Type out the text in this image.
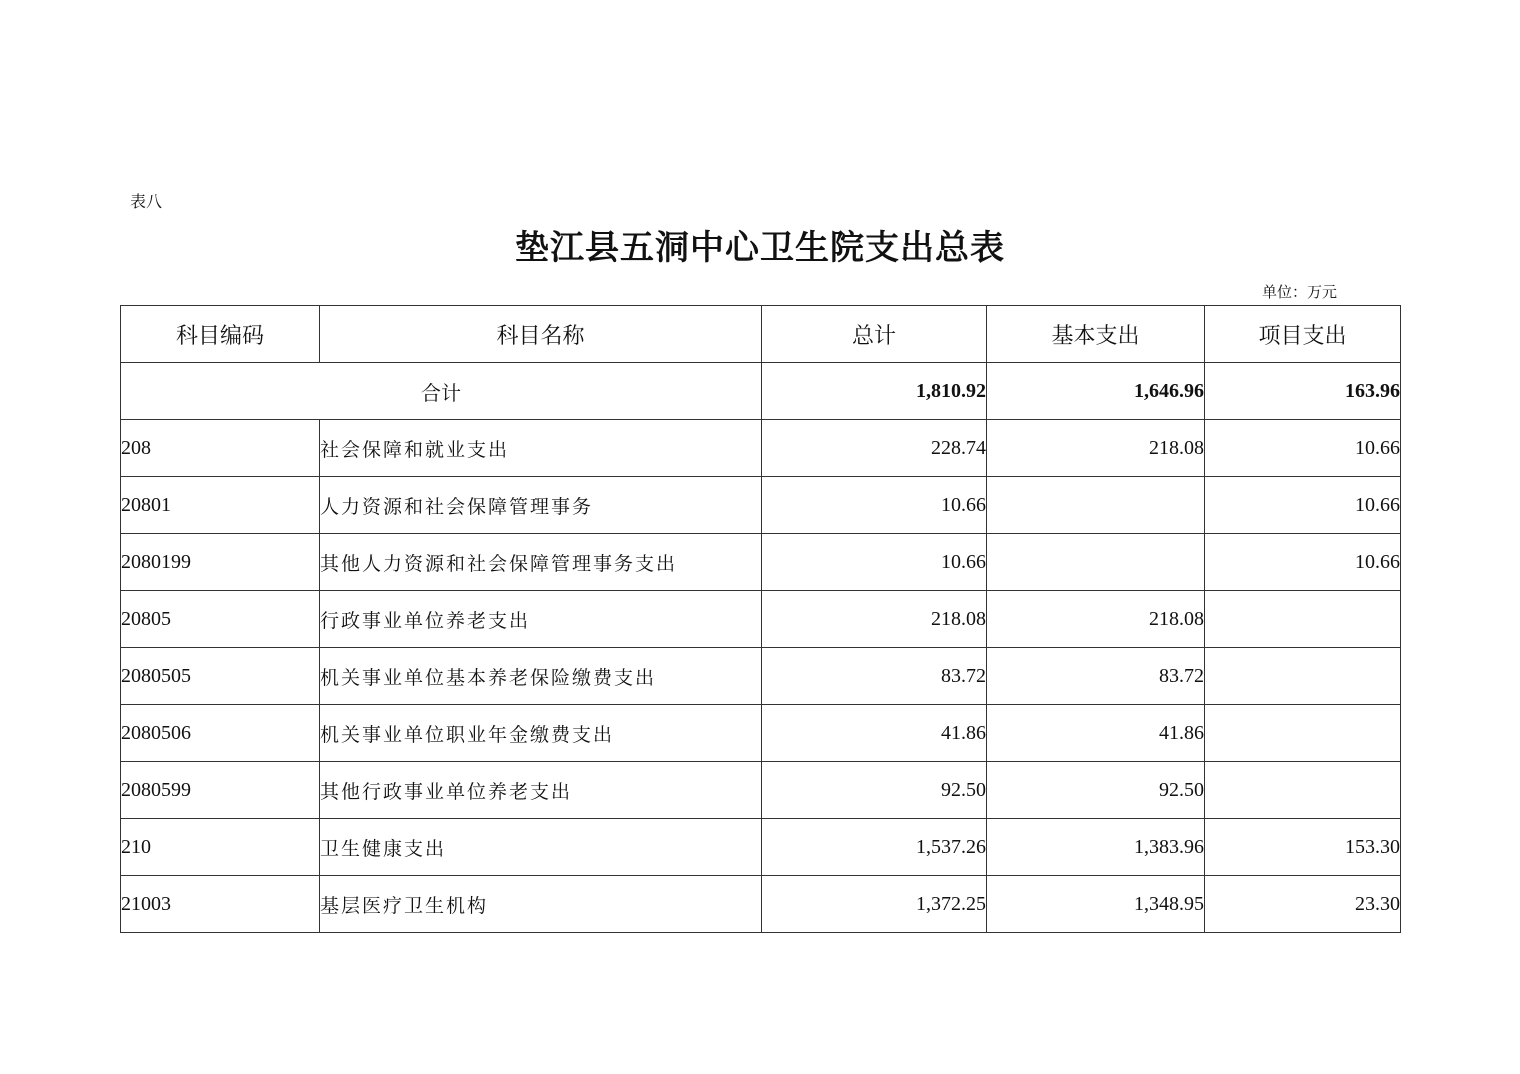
表八
垫江县五洞中心卫生院支出总表
单位：万元
科目编码	科目名称	总计	基本支出	项目支出
合计		1,810.92	1,646.96	163.96
208	社会保障和就业支出	228.74	218.08	10.66
20801	人力资源和社会保障管理事务	10.66		10.66
2080199	其他人力资源和社会保障管理事务支出	10.66		10.66
20805	行政事业单位养老支出	218.08	218.08	
2080505	机关事业单位基本养老保险缴费支出	83.72	83.72	
2080506	机关事业单位职业年金缴费支出	41.86	41.86	
2080599	其他行政事业单位养老支出	92.50	92.50	
210	卫生健康支出	1,537.26	1,383.96	153.30
21003	基层医疗卫生机构	1,372.25	1,348.95	23.30
